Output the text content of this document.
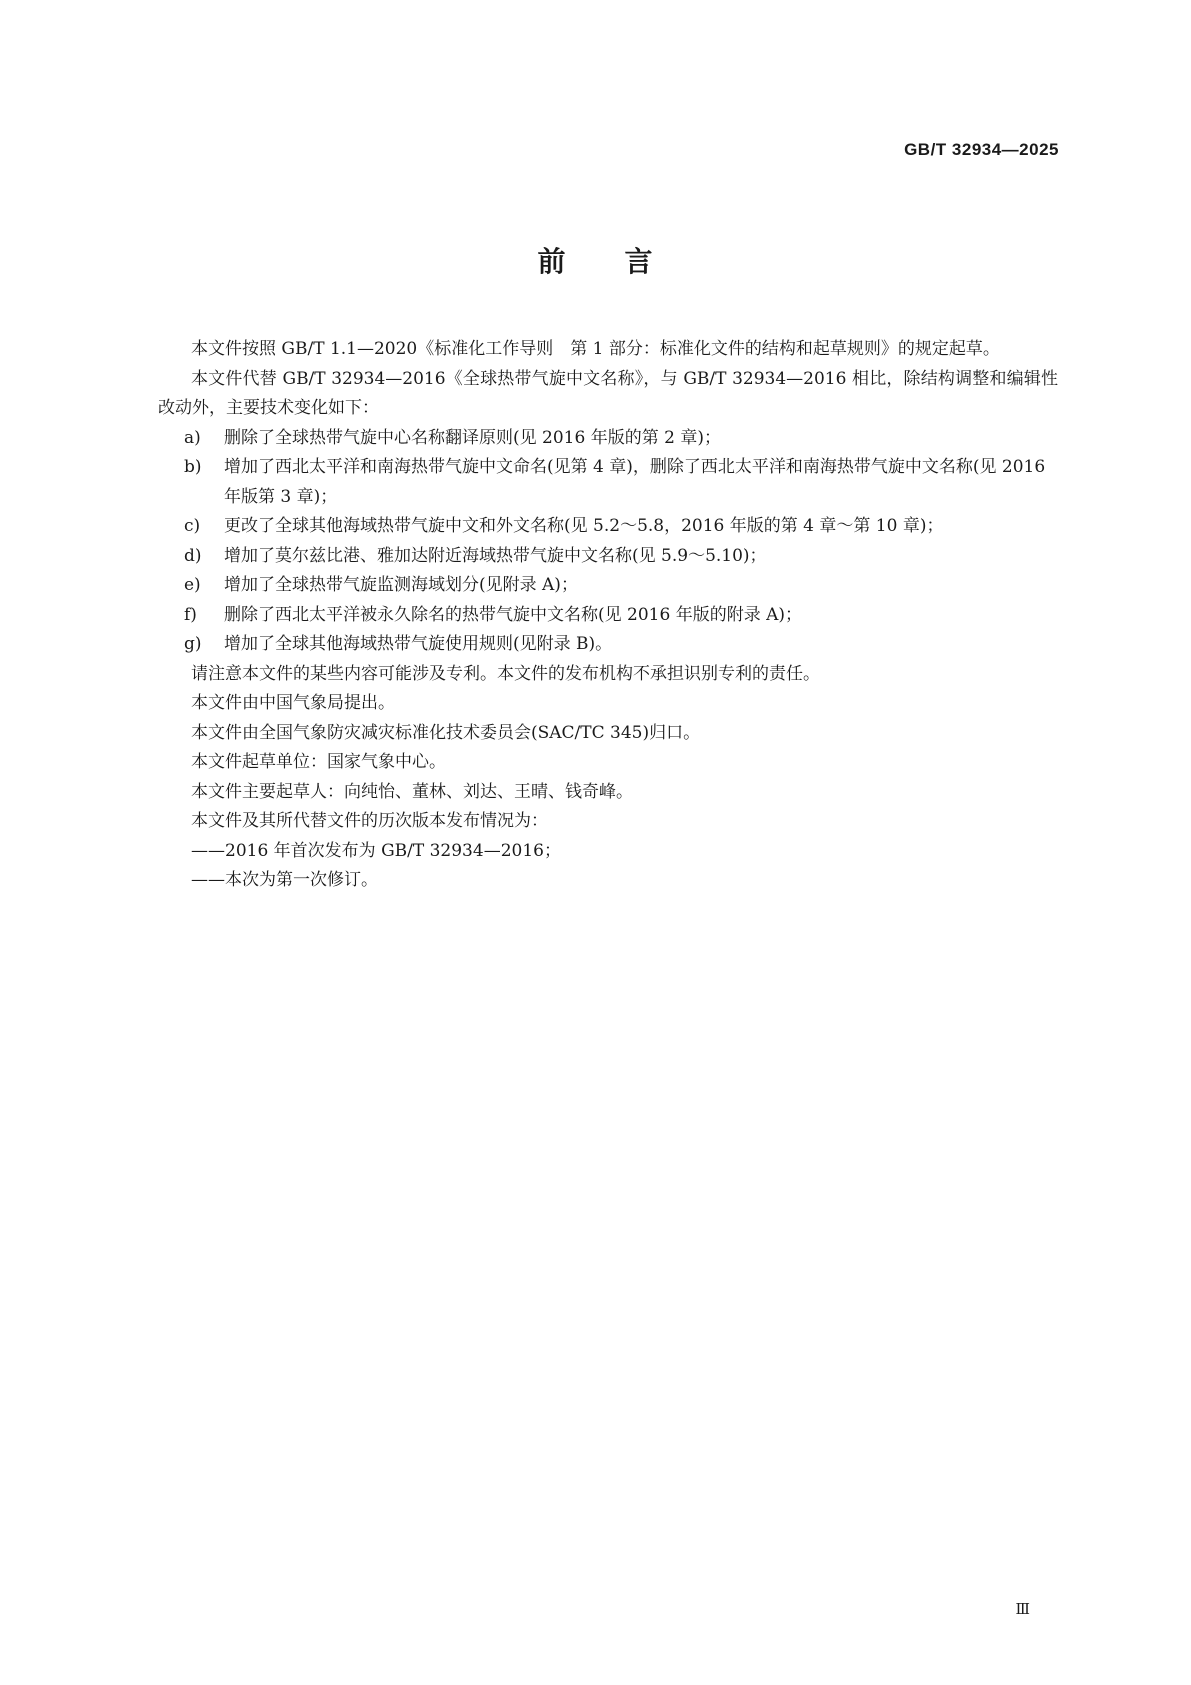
GB/T 32934—2025
前 言

本文件按照 GB/T 1.1—2020《标准化工作导则　第 1 部分：标准化文件的结构和起草规则》的规定起草。

本文件代替 GB/T 32934—2016《全球热带气旋中文名称》，与 GB/T 32934—2016 相比，除结构调整和编辑性改动外，主要技术变化如下：

a) 删除了全球热带气旋中心名称翻译原则(见 2016 年版的第 2 章)；

b) 增加了西北太平洋和南海热带气旋中文命名(见第 4 章)，删除了西北太平洋和南海热带气旋中文名称(见 2016 年版第 3 章)；

c) 更改了全球其他海域热带气旋中文和外文名称(见 5.2～5.8，2016 年版的第 4 章～第 10 章)；

d) 增加了莫尔兹比港、雅加达附近海域热带气旋中文名称(见 5.9～5.10)；

e) 增加了全球热带气旋监测海域划分(见附录 A)；

f) 删除了西北太平洋被永久除名的热带气旋中文名称(见 2016 年版的附录 A)；

g) 增加了全球其他海域热带气旋使用规则(见附录 B)。

请注意本文件的某些内容可能涉及专利。本文件的发布机构不承担识别专利的责任。

本文件由中国气象局提出。

本文件由全国气象防灾减灾标准化技术委员会(SAC/TC 345)归口。

本文件起草单位：国家气象中心。

本文件主要起草人：向纯怡、董林、刘达、王晴、钱奇峰。

本文件及其所代替文件的历次版本发布情况为：

——2016 年首次发布为 GB/T 32934—2016；

——本次为第一次修订。

Ⅲ
